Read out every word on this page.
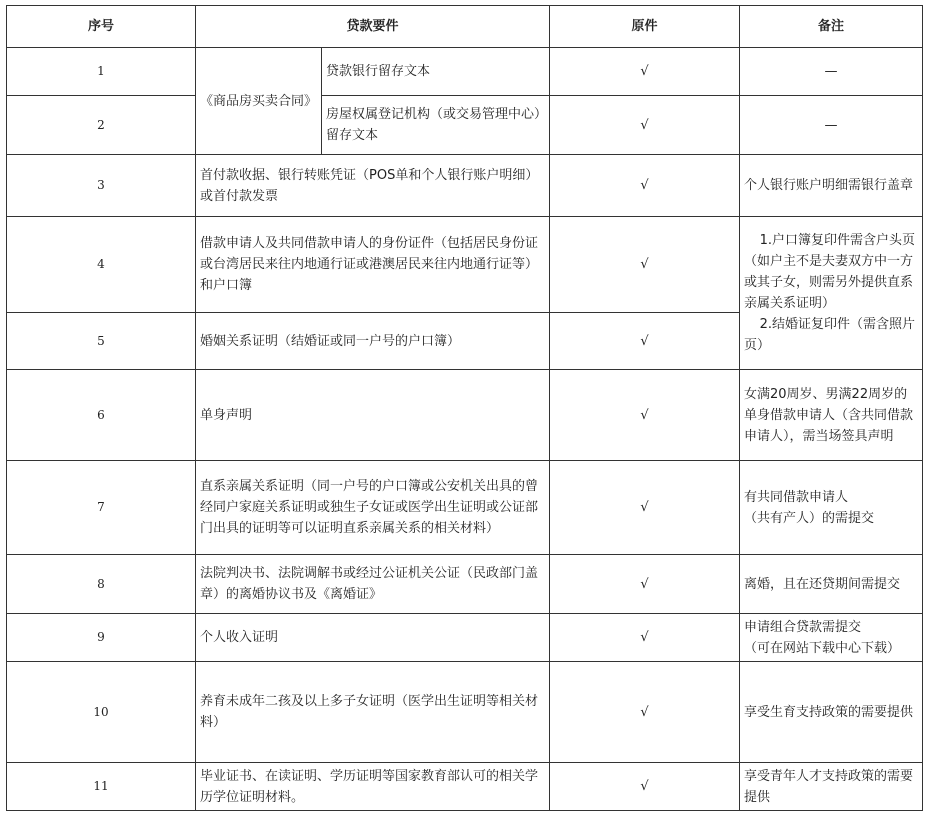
序号	贷款要件		原件	备注
1	《商品房买卖合同》	贷款银行留存文本	√	—
2		房屋权属登记机构（或交易管理中心）留存文本	√	—
3	首付款收据、银行转账凭证（POS单和个人银行账户明细）或首付款发票		√	个人银行账户明细需银行盖章
4	借款申请人及共同借款申请人的身份证件（包括居民身份证或台湾居民来往内地通行证或港澳居民来往内地通行证等）和户口簿		√	1.户口簿复印件需含户头页（如户主不是夫妻双方中一方或其子女，则需另外提供直系亲属关系证明）
2.结婚证复印件（需含照片页）

5	婚姻关系证明（结婚证或同一户号的户口簿）		√	
6	单身声明		√	女满20周岁、男满22周岁的单身借款申请人（含共同借款申请人），需当场签具声明
7	直系亲属关系证明（同一户号的户口簿或公安机关出具的曾经同户家庭关系证明或独生子女证或医学出生证明或公证部门出具的证明等可以证明直系亲属关系的相关材料）		√	有共同借款申请人
（共有产人）的需提交

8	法院判决书、法院调解书或经过公证机关公证（民政部门盖章）的离婚协议书及《离婚证》		√	离婚，且在还贷期间需提交
9	个人收入证明		√	申请组合贷款需提交
（可在网站下载中心下载）

10	养育未成年二孩及以上多子女证明（医学出生证明等相关材料）		√	享受生育支持政策的需要提供
11	毕业证书、在读证明、学历证明等国家教育部认可的相关学历学位证明材料。		√	享受青年人才支持政策的需要提供
